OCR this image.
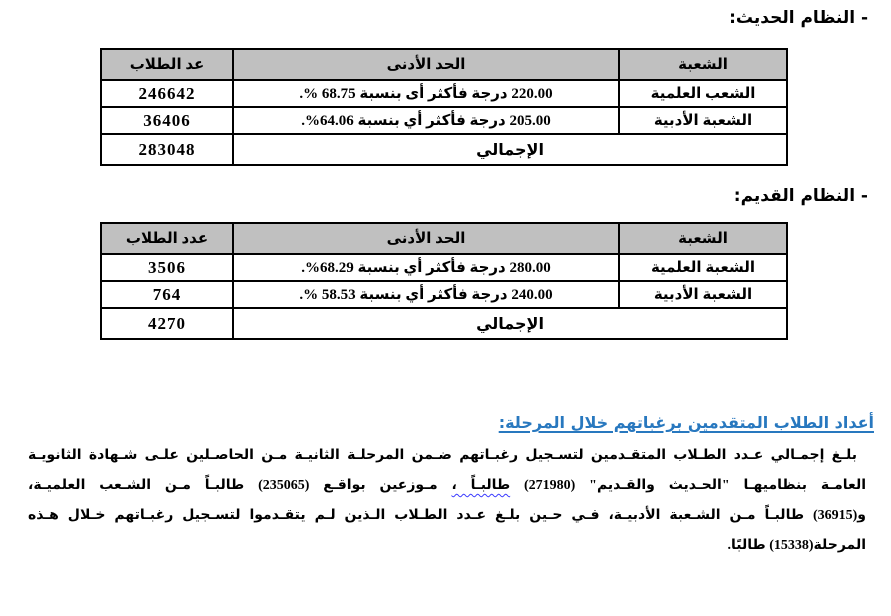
- النظام الحديث:
الشعبة	الحد الأدنى	عد الطلاب
الشعب العلمية	220.00 درجة فأكثر أى بنسبة 68.75 %.	246642
الشعبة الأدبية	205.00 درجة فأكثر أي بنسبة 64.06%.	36406
الإجمالي		283048
- النظام القديم:
الشعبة	الحد الأدنى	عدد الطلاب
الشعبة العلمية	280.00 درجة فأكثر أي بنسبة 68.29%.	3506
الشعبة الأدبية	240.00 درجة فأكثر أي بنسبة 58.53 %.	764
الإجمالي		4270
أعداد الطلاب المتقدمين برغباتهم خلال المرحلة:
بلـغ إجمـالي عـدد الطـلاب المتقـدمين لتسـجيل رغبـاتهم ضـمن المرحلـة الثانيـة مـن الحاصـلين علـى شـهادة الثانويـة
العامـة بنظاميهـا "الحـديث والقـديم" (271980) طالبـاً ، مـوزعين بواقـع (235065) طالبـاً مـن الشـعب العلميـة،
و(36915) طالبـاً مـن الشـعبة الأدبيـة، فـي حـين بلـغ عـدد الطـلاب الـذين لـم يتقـدموا لتسـجيل رغبـاتهم خـلال هـذه
المرحلة(15338) طالبًا.
